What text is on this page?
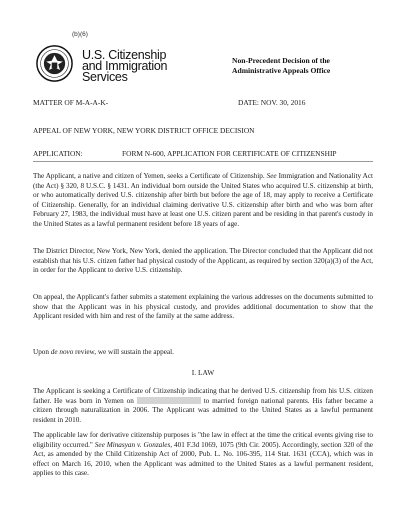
(b)(6)
U.S. Citizenship
and Immigration
Services
Non-Precedent Decision of the
Administrative Appeals Office
MATTER OF M-A-A-K-	DATE: NOV. 30, 2016
APPEAL OF NEW YORK, NEW YORK DISTRICT OFFICE DECISION
APPLICATION:	FORM N-600, APPLICATION FOR CERTIFICATE OF CITIZENSHIP
The Applicant, a native and citizen of Yemen, seeks a Certificate of Citizenship. See Immigration and Nationality Act (the Act) § 320, 8 U.S.C. § 1431. An individual born outside the United States who acquired U.S. citizenship at birth, or who automatically derived U.S. citizenship after birth but before the age of 18, may apply to receive a Certificate of Citizenship. Generally, for an individual claiming derivative U.S. citizenship after birth and who was born after February 27, 1983, the individual must have at least one U.S. citizen parent and be residing in that parent's custody in the United States as a lawful permanent resident before 18 years of age.
The District Director, New York, New York, denied the application. The Director concluded that the Applicant did not establish that his U.S. citizen father had physical custody of the Applicant, as required by section 320(a)(3) of the Act, in order for the Applicant to derive U.S. citizenship.
On appeal, the Applicant's father submits a statement explaining the various addresses on the documents submitted to show that the Applicant was in his physical custody, and provides additional documentation to show that the Applicant resided with him and rest of the family at the same address.
Upon de novo review, we will sustain the appeal.
I. LAW
The Applicant is seeking a Certificate of Citizenship indicating that he derived U.S. citizenship from his U.S. citizen father. He was born in Yemen on	to married foreign national parents. His father became a citizen through naturalization in 2006. The Applicant was admitted to the United States as a lawful permanent resident in 2010.
The applicable law for derivative citizenship purposes is "the law in effect at the time the critical events giving rise to eligibility occurred." See Minasyan v. Gonzales, 401 F.3d 1069, 1075 (9th Cir. 2005). Accordingly, section 320 of the Act, as amended by the Child Citizenship Act of 2000, Pub. L. No. 106-395, 114 Stat. 1631 (CCA), which was in effect on March 16, 2010, when the Applicant was admitted to the United States as a lawful permanent resident, applies to this case.
